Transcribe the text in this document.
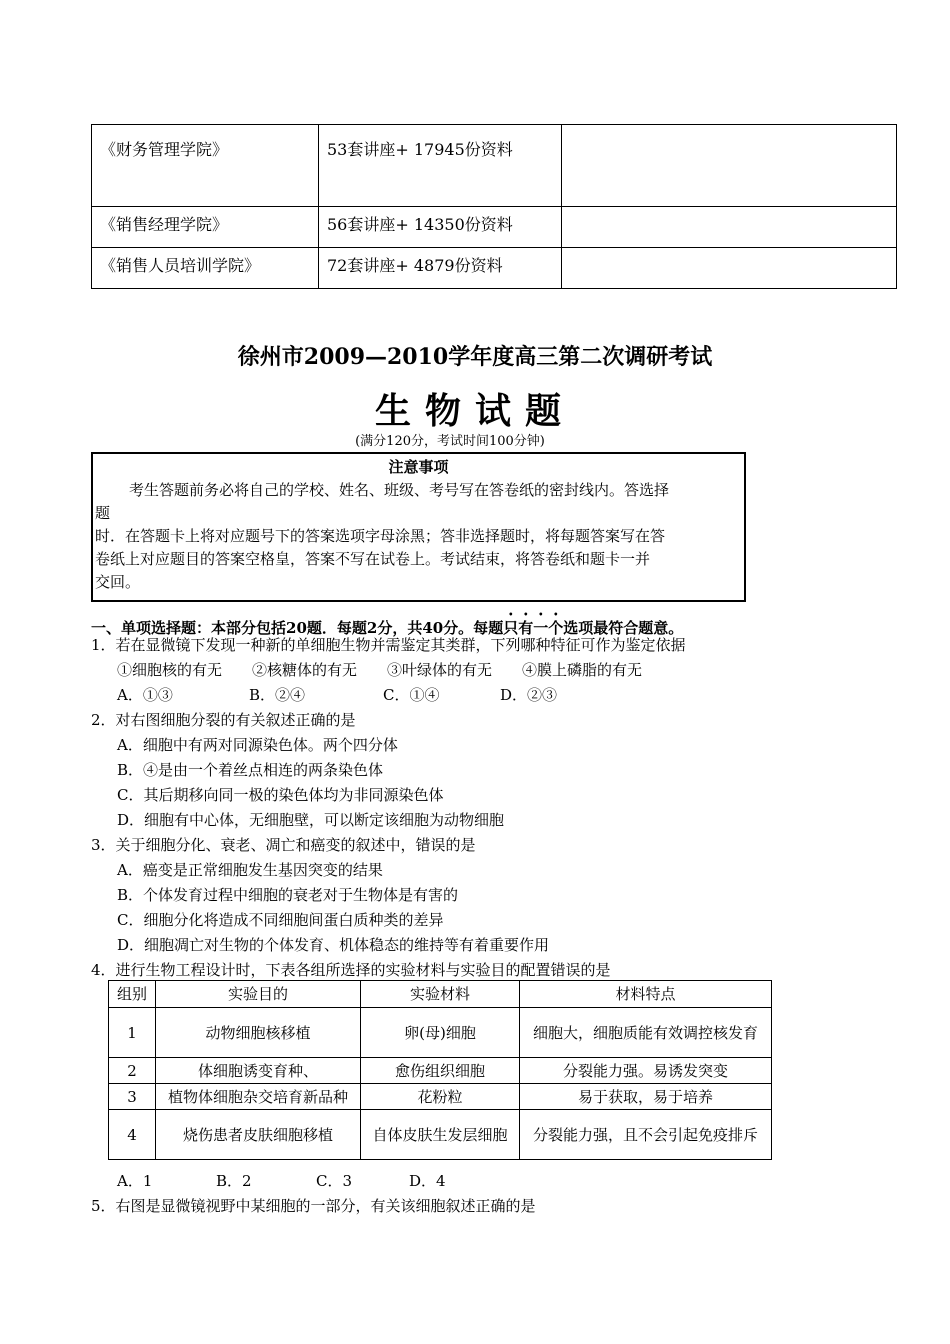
《财务管理学院》	53套讲座+ 17945份资料	
《销售经理学院》	56套讲座+ 14350份资料	
《销售人员培训学院》	72套讲座+ 4879份资料	
徐州市2009—2010学年度高三第二次调研考试
生物试题
(满分120分，考试时间100分钟)
注意事项
考生答题前务必将自己的学校、姓名、班级、考号写在答卷纸的密封线内。答选择
题
时．在答题卡上将对应题号下的答案选项字母涂黑；答非选择题时，将每题答案写在答
卷纸上对应题目的答案空格皇，答案不写在试卷上。考试结束，将答卷纸和题卡一并
交回。
一、单项选择题：本部分包括20题．每题2分，共40分。每题只有一个选项最符合题意。
1．若在显微镜下发现一种新的单细胞生物并需鉴定其类群，下列哪种特征可作为鉴定依据
①细胞核的有无　　②核糖体的有无　　③叶绿体的有无　　④膜上磷脂的有无
A．①③	B．②④	C．①④	D．②③
2．对右图细胞分裂的有关叙述正确的是
A．细胞中有两对同源染色体。两个四分体
B．④是由一个着丝点相连的两条染色体
C．其后期移向同一极的染色体均为非同源染色体
D．细胞有中心体，无细胞壁，可以断定该细胞为动物细胞
3．关于细胞分化、衰老、凋亡和癌变的叙述中，错误的是
A．癌变是正常细胞发生基因突变的结果
B．个体发育过程中细胞的衰老对于生物体是有害的
C．细胞分化将造成不同细胞间蛋白质种类的差异
D．细胞凋亡对生物的个体发育、机体稳态的维持等有着重要作用
4．进行生物工程设计时，下表各组所选择的实验材料与实验目的配置错误的是
组别	实验目的	实验材料	材料特点
1	动物细胞核移植	卵(母)细胞	细胞大，细胞质能有效调控核发育
2	体细胞诱变育种、	愈伤组织细胞	分裂能力强。易诱发突变
3	植物体细胞杂交培育新品种	花粉粒	易于获取，易于培养
4	烧伤患者皮肤细胞移植	自体皮肤生发层细胞	分裂能力强，且不会引起免疫排斥
A．1	B．2	C．3	D．4
5．右图是显微镜视野中某细胞的一部分，有关该细胞叙述正确的是
